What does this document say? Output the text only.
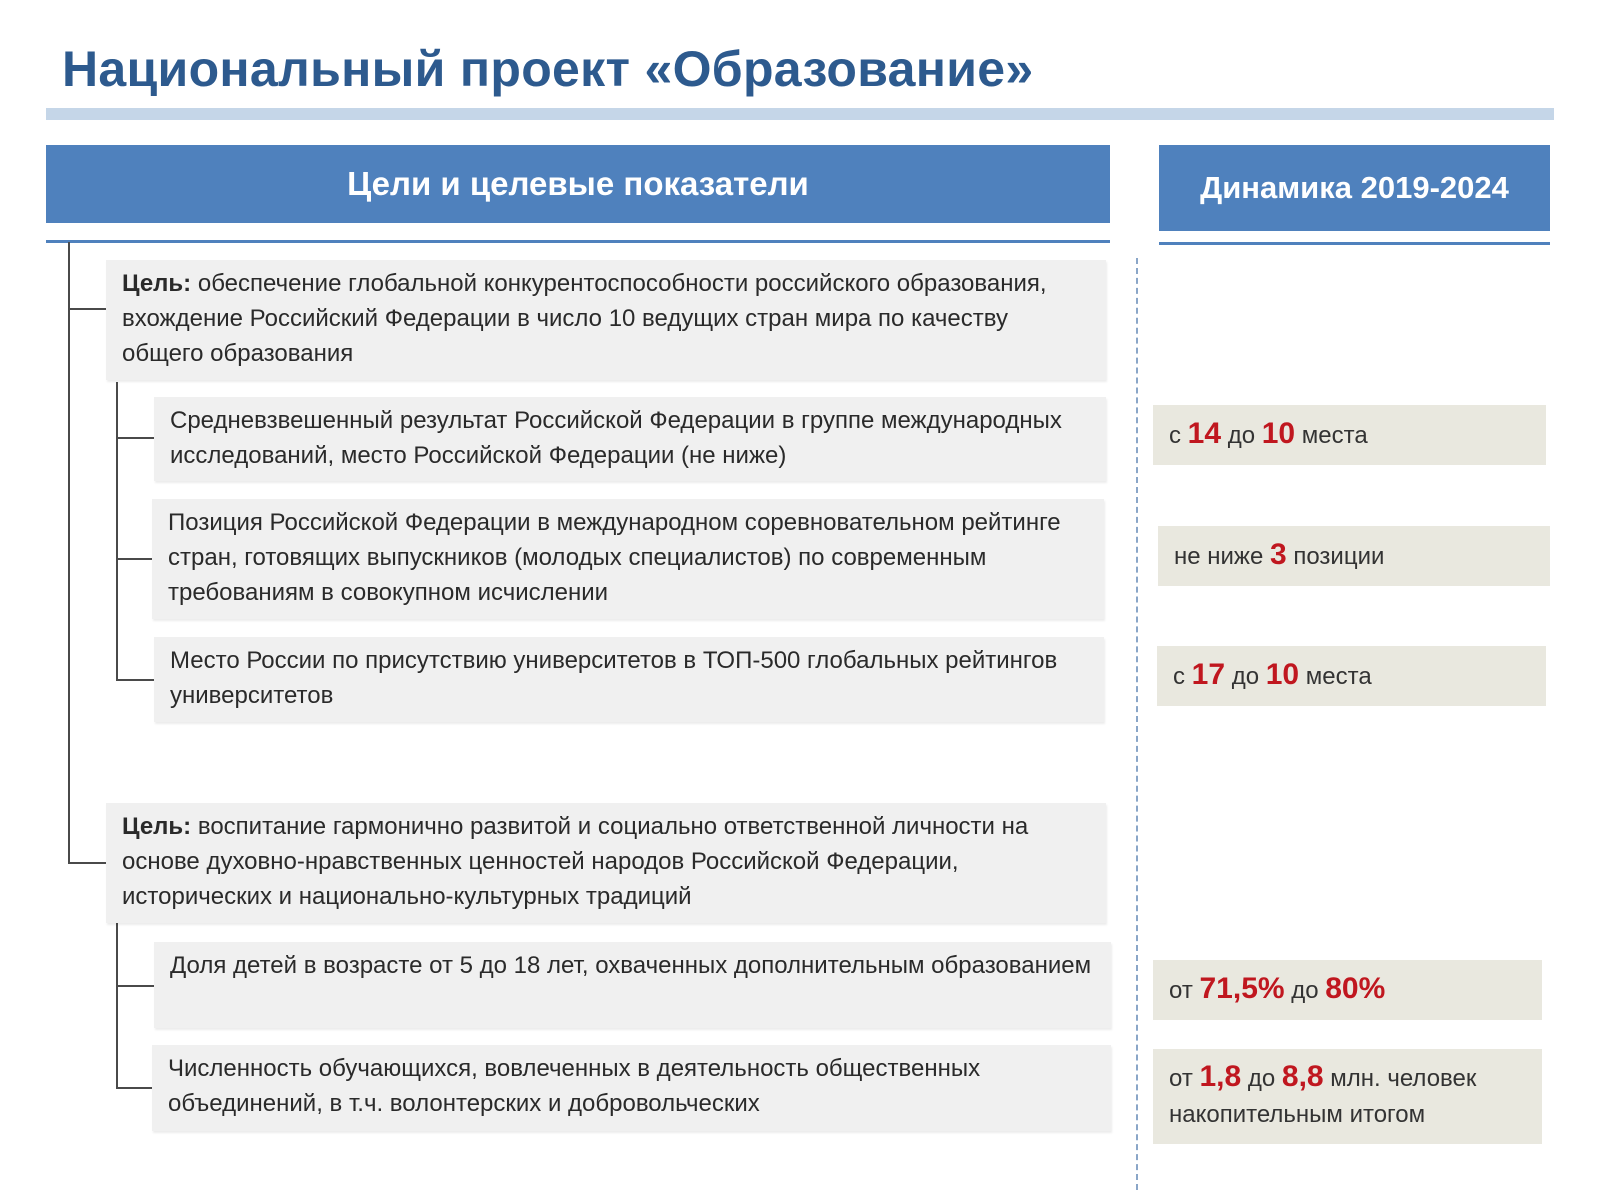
Национальный проект «Образование»
Цели и целевые показатели	Динамика 2019-2024
Цель: обеспечение глобальной конкурентоспособности российского образования, вхождение Российский Федерации в число 10 ведущих стран мира по качеству общего образования
Средневзвешенный результат Российской Федерации в группе международных исследований, место Российской Федерации (не ниже)
с 14 до 10 места
Позиция Российской Федерации в международном соревновательном рейтинге стран, готовящих выпускников (молодых специалистов) по современным требованиям в совокупном исчислении
не ниже 3 позиции
Место России по присутствию университетов в ТОП-500 глобальных рейтингов университетов
с 17 до 10 места
Цель: воспитание гармонично развитой и социально ответственной личности на основе духовно-нравственных ценностей народов Российской Федерации, исторических и национально-культурных традиций
Доля детей в возрасте от 5 до 18 лет, охваченных дополнительным образованием
от 71,5% до 80%
Численность обучающихся, вовлеченных в деятельность общественных объединений, в т.ч. волонтерских и добровольческих
от 1,8 до 8,8 млн. человек накопительным итогом
